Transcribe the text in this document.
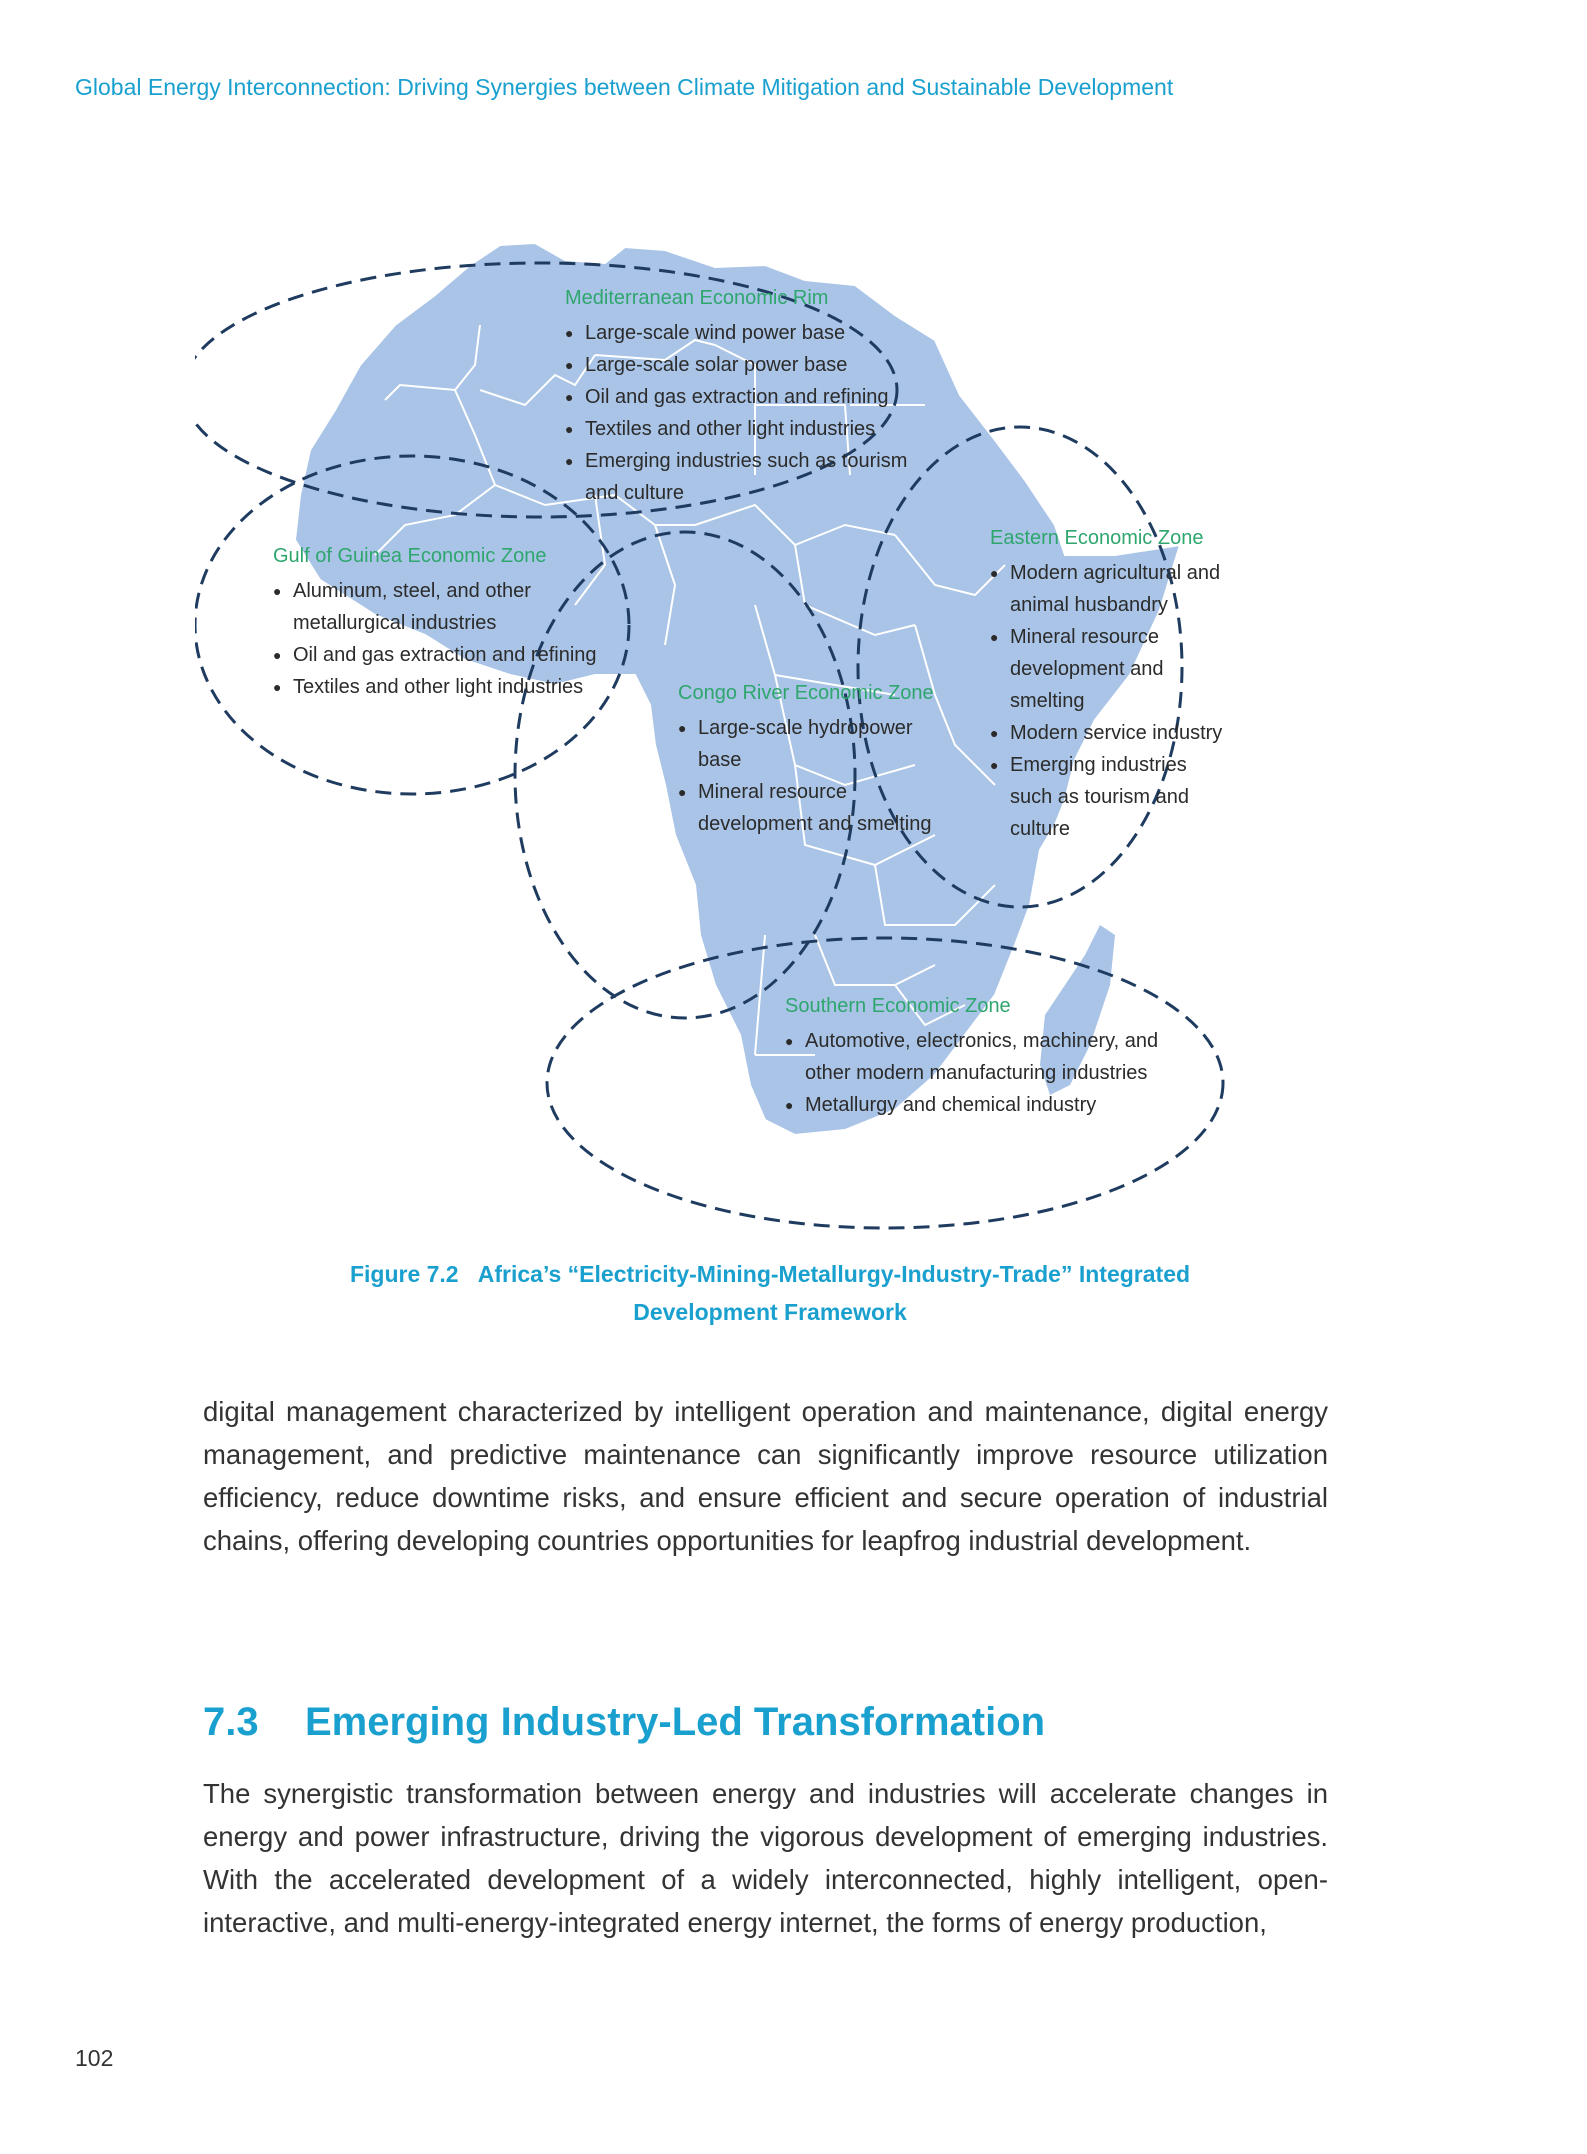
Global Energy Interconnection: Driving Synergies between Climate Mitigation and Sustainable Development
Mediterranean Economic Rim
● Large-scale wind power base
● Large-scale solar power base
● Oil and gas extraction and refining
● Textiles and other light industries
● Emerging industries such as tourism and culture
Gulf of Guinea Economic Zone
● Aluminum, steel, and other metallurgical industries
● Oil and gas extraction and refining
● Textiles and other light industries
Eastern Economic Zone
● Modern agricultural and animal husbandry
● Mineral resource development and smelting
● Modern service industry
● Emerging industries such as tourism and culture
Congo River Economic Zone
● Large-scale hydropower base
● Mineral resource development and smelting
Southern Economic Zone
● Automotive, electronics, machinery, and other modern manufacturing industries
● Metallurgy and chemical industry
Figure 7.2   Africa’s “Electricity-Mining-Metallurgy-Industry-Trade” Integrated
Development Framework

digital management characterized by intelligent operation and maintenance, digital energy management, and predictive maintenance can significantly improve resource utilization efficiency, reduce downtime risks, and ensure efficient and secure operation of industrial chains, offering developing countries opportunities for leapfrog industrial development.

7.3 Emerging Industry-Led Transformation

The synergistic transformation between energy and industries will accelerate changes in energy and power infrastructure, driving the vigorous development of emerging industries. With the accelerated development of a widely interconnected, highly intelligent, open-interactive, and multi-energy-integrated energy internet, the forms of energy production,

102
